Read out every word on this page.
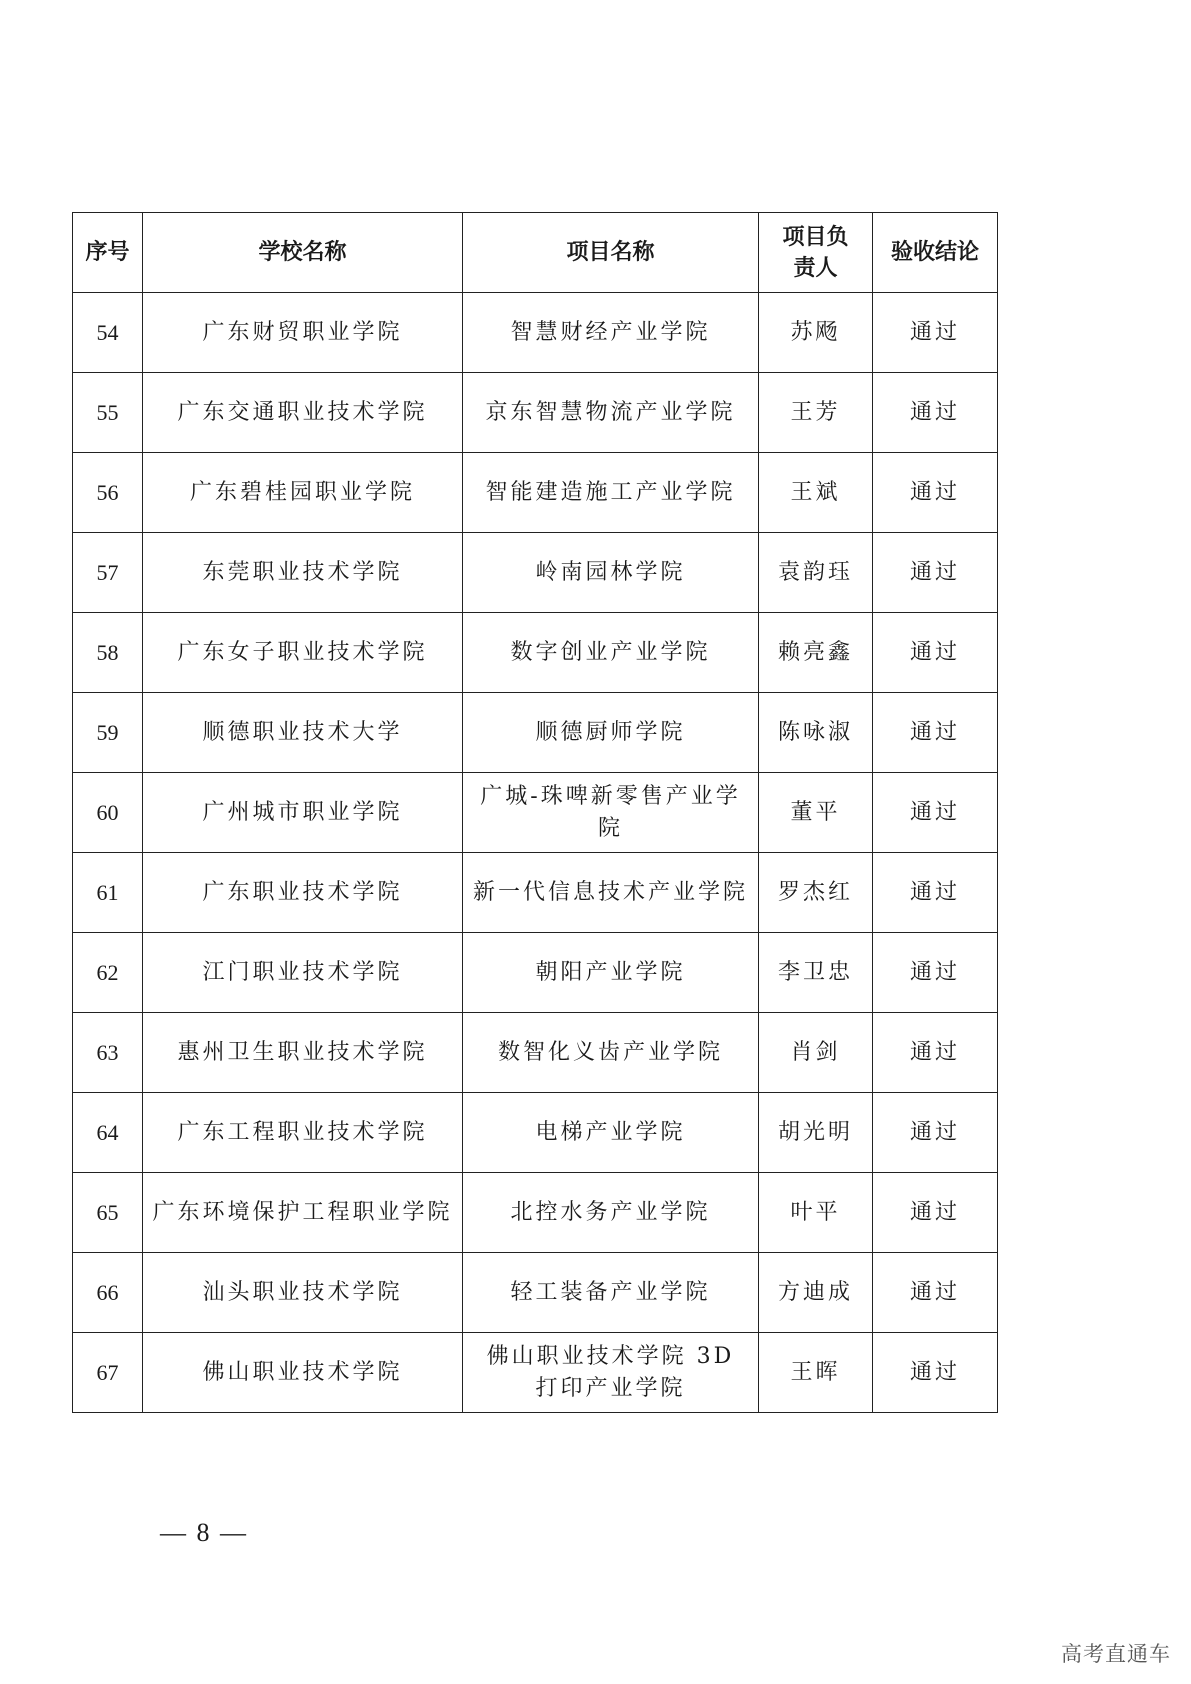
序号	学校名称	项目名称	项目负责人	验收结论
54	广东财贸职业学院	智慧财经产业学院	苏飏	通过
55	广东交通职业技术学院	京东智慧物流产业学院	王芳	通过
56	广东碧桂园职业学院	智能建造施工产业学院	王斌	通过
57	东莞职业技术学院	岭南园林学院	袁韵珏	通过
58	广东女子职业技术学院	数字创业产业学院	赖亮鑫	通过
59	顺德职业技术大学	顺德厨师学院	陈咏淑	通过
60	广州城市职业学院	广城-珠啤新零售产业学院	董平	通过
61	广东职业技术学院	新一代信息技术产业学院	罗杰红	通过
62	江门职业技术学院	朝阳产业学院	李卫忠	通过
63	惠州卫生职业技术学院	数智化义齿产业学院	肖剑	通过
64	广东工程职业技术学院	电梯产业学院	胡光明	通过
65	广东环境保护工程职业学院	北控水务产业学院	叶平	通过
66	汕头职业技术学院	轻工装备产业学院	方迪成	通过
67	佛山职业技术学院	佛山职业技术学院 3D 打印产业学院	王晖	通过
— 8 —
高考直通车
